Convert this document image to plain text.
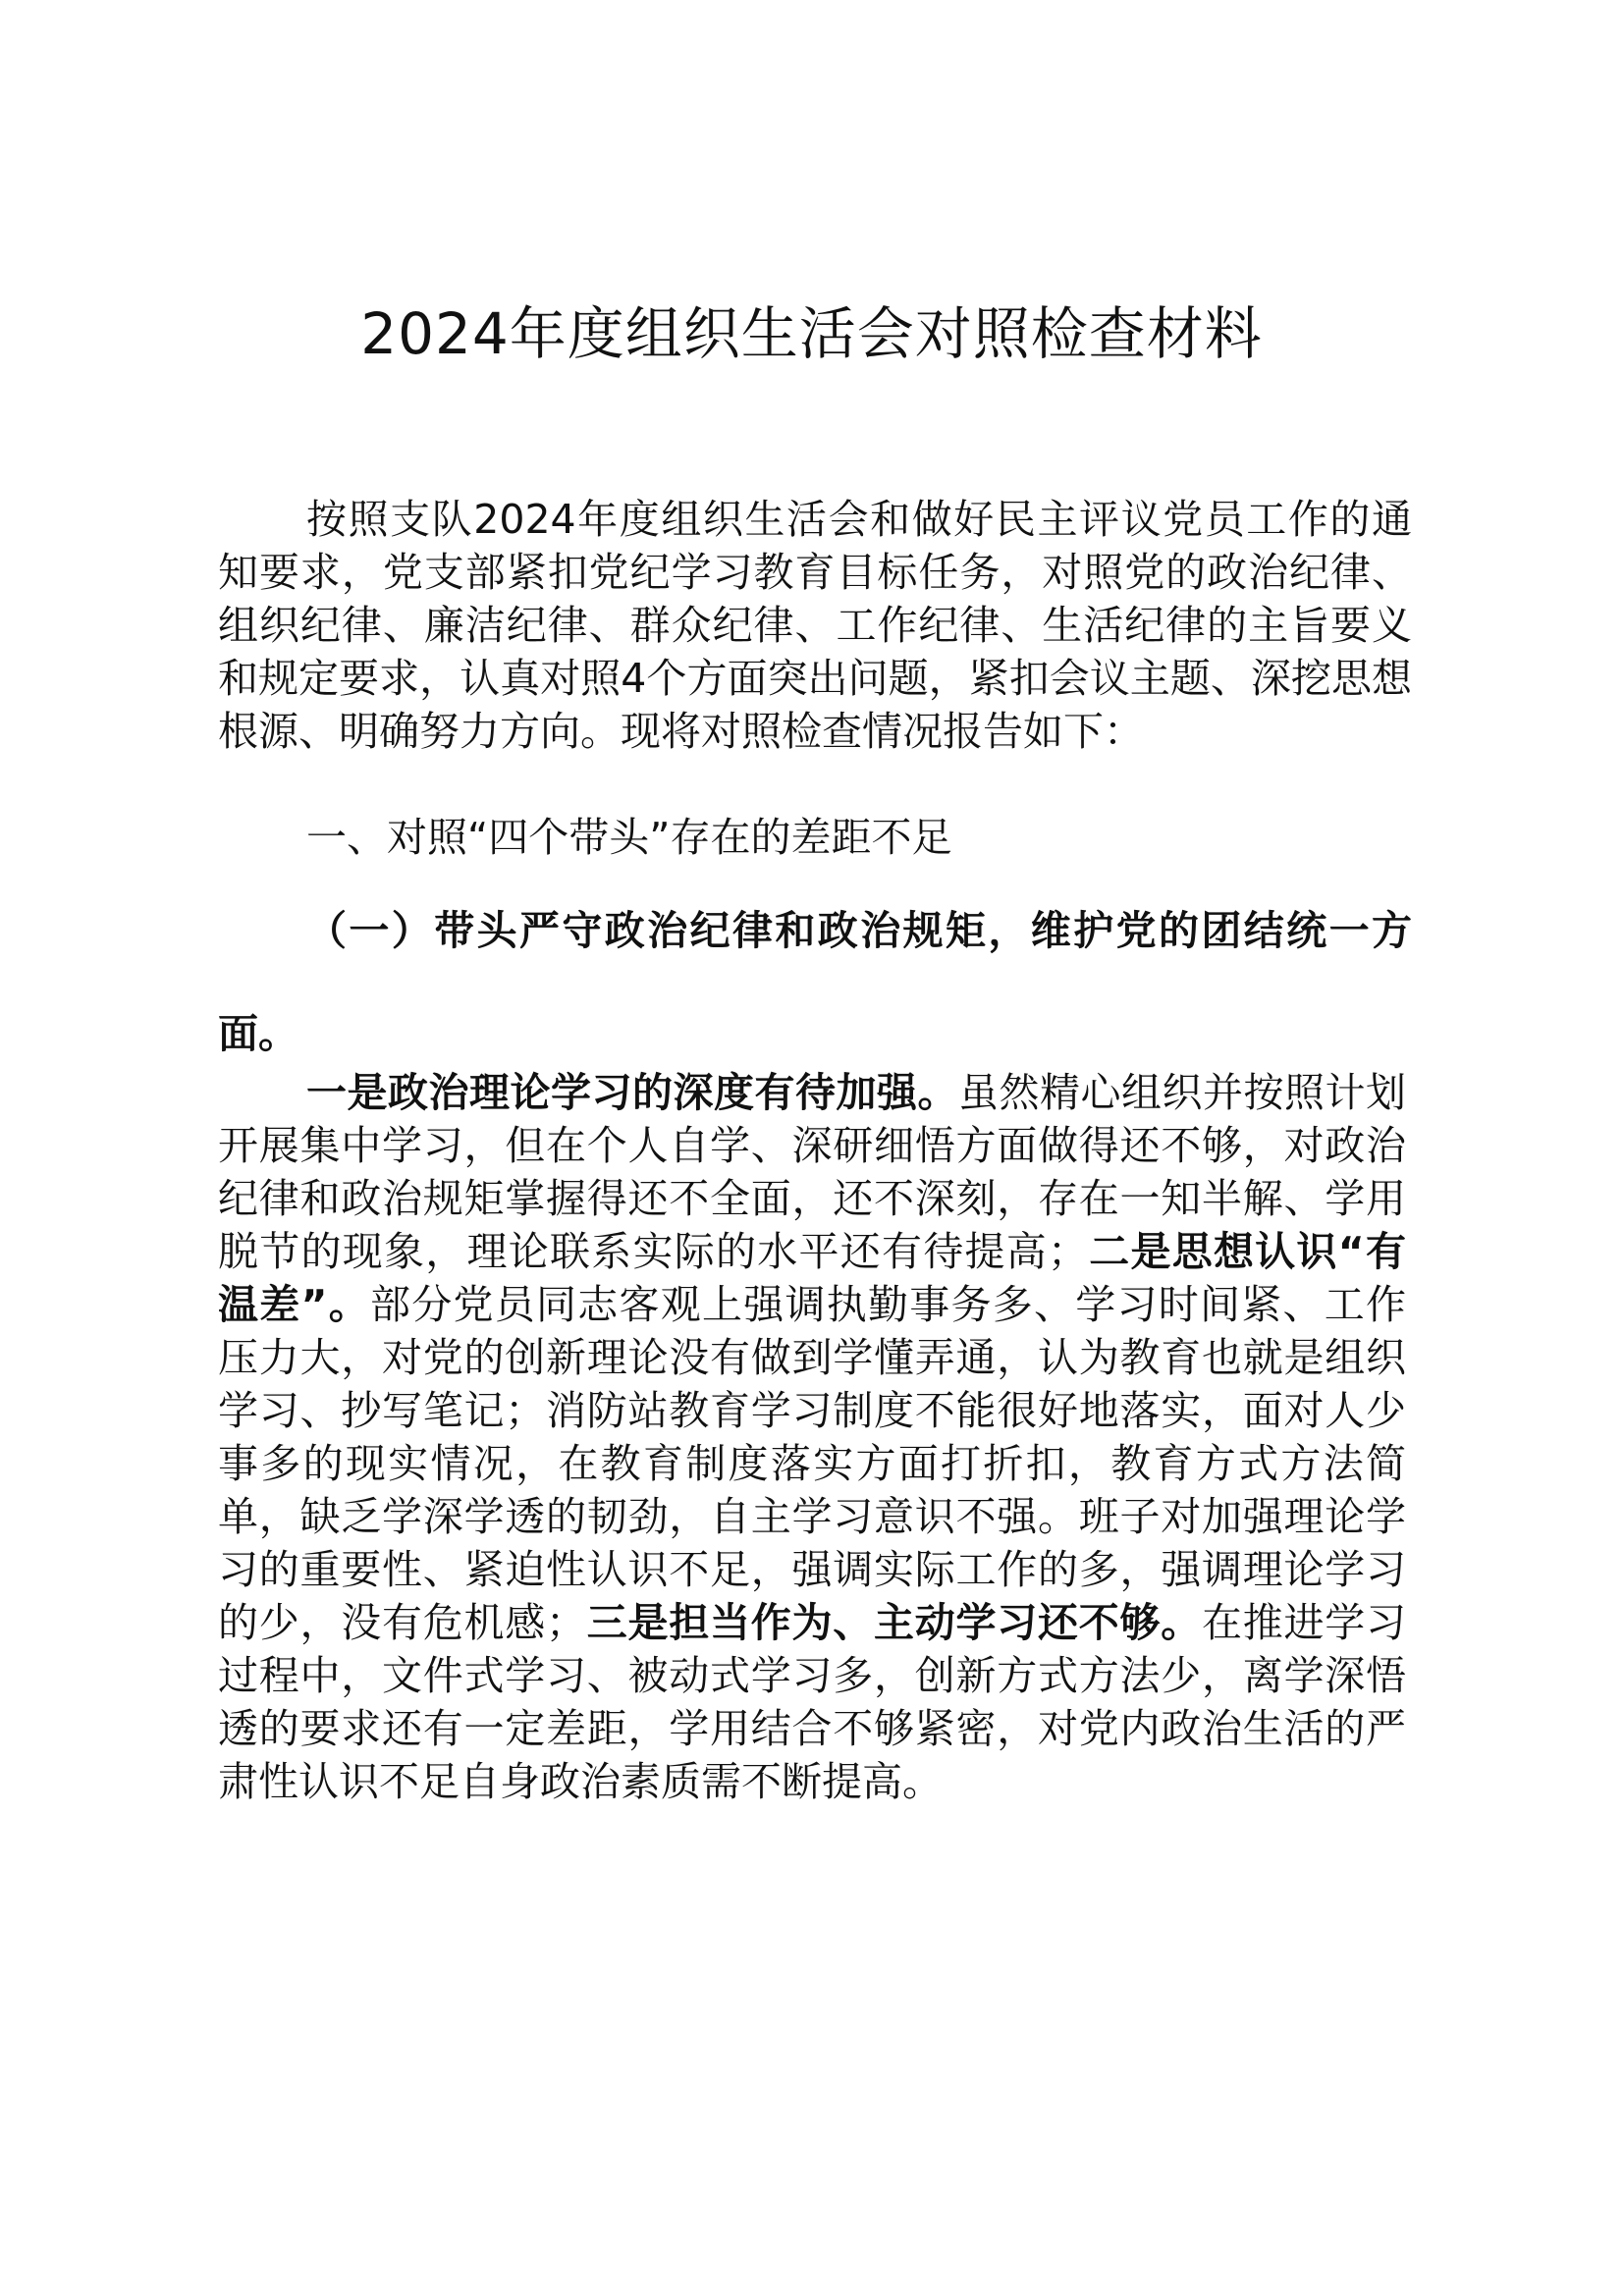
2024年度组织生活会对照检查材料

按照支队2024年度组织生活会和做好民主评议党员工作的通知要求，党支部紧扣党纪学习教育目标任务，对照党的政治纪律、组织纪律、廉洁纪律、群众纪律、工作纪律、生活纪律的主旨要义和规定要求，认真对照4个方面突出问题，紧扣会议主题、深挖思想根源、明确努力方向。现将对照检查情况报告如下：

一、对照“四个带头”存在的差距不足

（一）带头严守政治纪律和政治规矩，维护党的团结统一方面。

一是政治理论学习的深度有待加强。虽然精心组织并按照计划开展集中学习，但在个人自学、深研细悟方面做得还不够，对政治纪律和政治规矩掌握得还不全面，还不深刻，存在一知半解、学用脱节的现象，理论联系实际的水平还有待提高；二是思想认识“有温差”。部分党员同志客观上强调执勤事务多、学习时间紧、工作压力大，对党的创新理论没有做到学懂弄通，认为教育也就是组织学习、抄写笔记；消防站教育学习制度不能很好地落实，面对人少事多的现实情况，在教育制度落实方面打折扣，教育方式方法简单，缺乏学深学透的韧劲，自主学习意识不强。班子对加强理论学习的重要性、紧迫性认识不足，强调实际工作的多，强调理论学习的少，没有危机感；三是担当作为、主动学习还不够。在推进学习过程中，文件式学习、被动式学习多，创新方式方法少，离学深悟透的要求还有一定差距，学用结合不够紧密，对党内政治生活的严肃性认识不足自身政治素质需不断提高。
